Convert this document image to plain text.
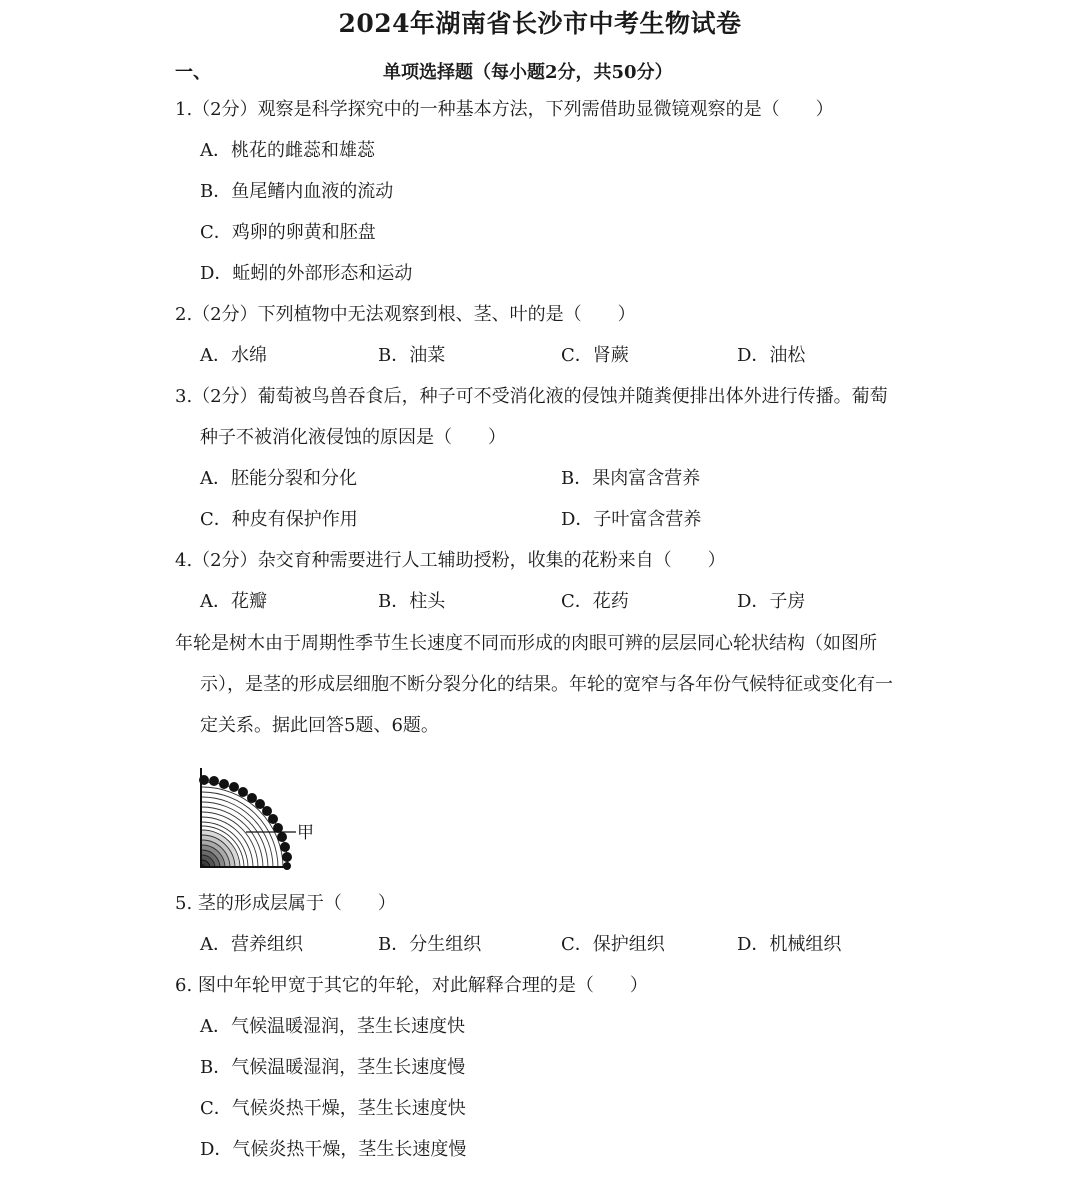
2024年湖南省长沙市中考生物试卷
一、	单项选择题（每小题2分，共50分）
1.（2分）观察是科学探究中的一种基本方法，下列需借助显微镜观察的是（　　）
A．桃花的雌蕊和雄蕊
B．鱼尾鳍内血液的流动
C．鸡卵的卵黄和胚盘
D．蚯蚓的外部形态和运动
2.（2分）下列植物中无法观察到根、茎、叶的是（　　）
A．水绵	B．油菜	C．肾蕨	D．油松
3.（2分）葡萄被鸟兽吞食后，种子可不受消化液的侵蚀并随粪便排出体外进行传播。葡萄
种子不被消化液侵蚀的原因是（　　）
A．胚能分裂和分化	B．果肉富含营养
C．种皮有保护作用	D．子叶富含营养
4.（2分）杂交育种需要进行人工辅助授粉，收集的花粉来自（　　）
A．花瓣	B．柱头	C．花药	D．子房
年轮是树木由于周期性季节生长速度不同而形成的肉眼可辨的层层同心轮状结构（如图所
示），是茎的形成层细胞不断分裂分化的结果。年轮的宽窄与各年份气候特征或变化有一
定关系。据此回答5题、6题。
甲
5. 茎的形成层属于（　　）
A．营养组织	B．分生组织	C．保护组织	D．机械组织
6. 图中年轮甲宽于其它的年轮，对此解释合理的是（　　）
A．气候温暖湿润，茎生长速度快
B．气候温暖湿润，茎生长速度慢
C．气候炎热干燥，茎生长速度快
D．气候炎热干燥，茎生长速度慢
